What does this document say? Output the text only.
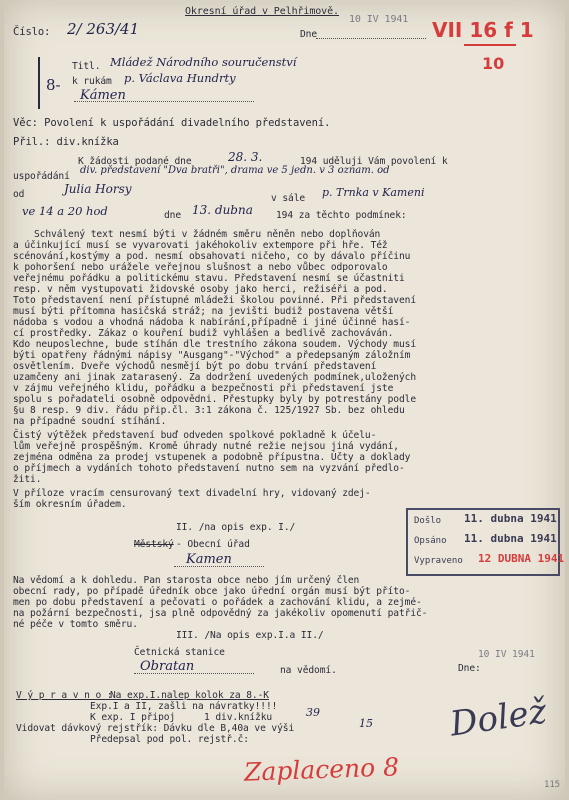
Okresní úřad v Pelhřimově.
Číslo: 2/ 263/41	Dne
10 IV 1941 VII 16 f 1
10
8-
Titl. Mládež Národního souručenství
k rukám p. Václava Hundrty
Kámen
Věc: Povolení k uspořádání divadelního představení.
Přil.: div.knížka
K žádosti podané dne	28. 3.	194 uděluji Vám povolení k
uspořádání
div. představení "Dva bratři", drama ve 5 jedn. v 3 oznam. od
od	Julia Horsy
v sále p. Trnka v Kameni
ve 14 a 20 hod	dne 13. dubna 194 za těchto podmínek:
Schválený text nesmí býti v žádném směru něněn nebo doplňován
a účinkující musí se vyvarovati jakéhokoliv extempore při hře. Též
scénování,kostýmy a pod. nesmí obsahovati ničeho, co by dávalo příčinu
k pohoršení nebo urážele veřejnou slušnost a nebo vůbec odporovalo
veřejnému pořádku a politickému stavu. Představení nesmí se účastniti
resp. v něm vystupovati židovské osoby jako herci, režiséři a pod.
Toto představení není přístupné mládeži školou povinné. Při představení
musí býti přítomna hasičská stráž; na jevišti budiž postavena větší
nádoba s vodou a vhodná nádoba k nabírání,případně i jiné účinné hasí-
cí prostředky. Zákaz o kouření budiž vyhlášen a bedlivě zachováván.
Kdo neuposlechne, bude stíhán dle trestního zákona soudem. Východy musí
býti opatřeny řádnými nápisy "Ausgang"-"Východ" a předepsaným záložním
osvětlením. Dveře východů nesmějí být po dobu trvání představení
uzamčeny ani jinak zatarasený. Za dodržení uvedených podmínek,uložených
v zájmu veřejného klidu, pořádku a bezpečnosti při představení jste
spolu s pořadateli osobně odpovědni. Přestupky byly by potrestány podle
§u 8 resp. 9 div. řádu přip.čl. 3:1 zákona č. 125/1927 Sb. bez ohledu
na případné soudní stíhání.
Čistý výtěžek představení buď odveden spolkové pokladně k účelu-
lům veřejně prospěšným. Kromě úhrady nutné režie nejsou jiná vydání,
zejména odměna za prodej vstupenek a podobně přípustna. Účty a doklady
o příjmech a vydáních tohoto představení nutno sem na vyzvání předlo-
žiti.
V příloze vracím censurovaný text divadelní hry, vidovaný zdej-
ším okresním úřadem.
Došlo 11. dubna 1941
Opsáno 11. dubna 1941
Vypraveno 12 DUBNA 1941
II. /na opis exp. I./
Městský - Obecní úřad
Kamen
Na vědomí a k dohledu. Pan starosta obce nebo jím určený člen
obecní rady, po případě úředník obce jako úřední orgán musí být příto-
men po dobu představení a pečovati o pořádek a zachování klidu, a zejmé-
na požární bezpečnosti, jsa plně odpovědný za jakékoliv opomenutí patřič-
né péče v tomto směru.
III. /Na opis exp.I.a II./
Četnická stanice
Obratan	na vědomí.	Dne:
10 IV 1941
V ý p r a v n o :
Na exp.I.nalep kolok za 8.-K
Exp.I a II, zašli na návratky!!!!
K exp. I připoj	1 div.knížku	39
Vidovat dávkový rejstřík: Dávku dle B,40a ve výši	15
Předepsal pod pol. rejstř.č:	Dolež
Zaplaceno 8	115
